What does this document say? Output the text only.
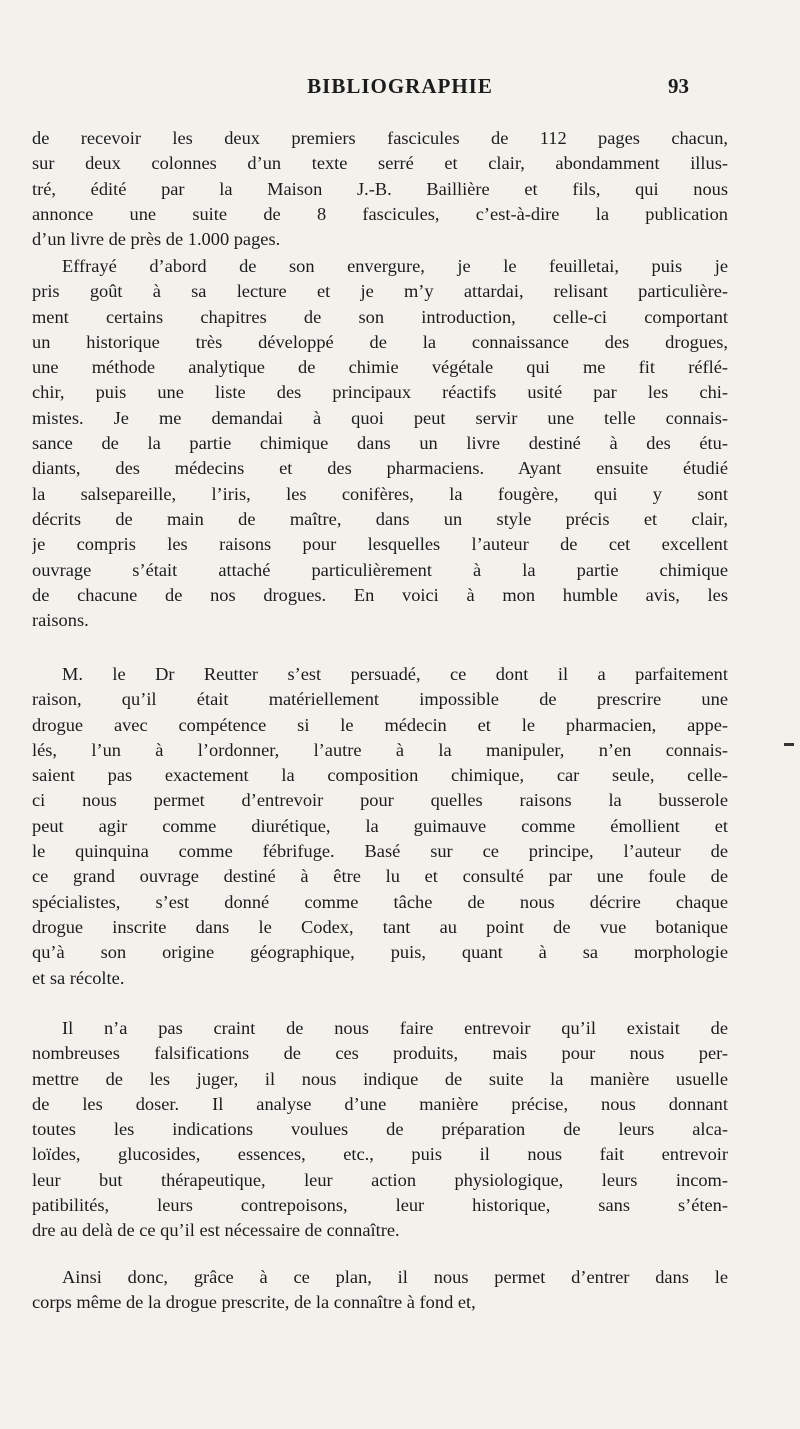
BIBLIOGRAPHIE	93
de recevoir les deux premiers fascicules de 112 pages chacun,
sur deux colonnes d’un texte serré et clair, abondamment illus-
tré, édité par la Maison J.-B. Baillière et fils, qui nous
annonce une suite de 8 fascicules, c’est-à-dire la publication
d’un livre de près de 1.000 pages.
Effrayé d’abord de son envergure, je le feuilletai, puis je
pris goût à sa lecture et je m’y attardai, relisant particulière-
ment certains chapitres de son introduction, celle-ci comportant
un historique très développé de la connaissance des drogues,
une méthode analytique de chimie végétale qui me fit réflé-
chir, puis une liste des principaux réactifs usité par les chi-
mistes. Je me demandai à quoi peut servir une telle connais-
sance de la partie chimique dans un livre destiné à des étu-
diants, des médecins et des pharmaciens. Ayant ensuite étudié
la salsepareille, l’iris, les conifères, la fougère, qui y sont
décrits de main de maître, dans un style précis et clair,
je compris les raisons pour lesquelles l’auteur de cet excellent
ouvrage s’était attaché particulièrement à la partie chimique
de chacune de nos drogues. En voici à mon humble avis, les
raisons.
M. le Dr Reutter s’est persuadé, ce dont il a parfaitement
raison, qu’il était matériellement impossible de prescrire une
drogue avec compétence si le médecin et le pharmacien, appe-
lés, l’un à l’ordonner, l’autre à la manipuler, n’en connais-
saient pas exactement la composition chimique, car seule, celle-
ci nous permet d’entrevoir pour quelles raisons la busserole
peut agir comme diurétique, la guimauve comme émollient et
le quinquina comme fébrifuge. Basé sur ce principe, l’auteur de
ce grand ouvrage destiné à être lu et consulté par une foule de
spécialistes, s’est donné comme tâche de nous décrire chaque
drogue inscrite dans le Codex, tant au point de vue botanique
qu’à son origine géographique, puis, quant à sa morphologie
et sa récolte.
Il n’a pas craint de nous faire entrevoir qu’il existait de
nombreuses falsifications de ces produits, mais pour nous per-
mettre de les juger, il nous indique de suite la manière usuelle
de les doser. Il analyse d’une manière précise, nous donnant
toutes les indications voulues de préparation de leurs alca-
loïdes, glucosides, essences, etc., puis il nous fait entrevoir
leur but thérapeutique, leur action physiologique, leurs incom-
patibilités, leurs contrepoisons, leur historique, sans s’éten-
dre au delà de ce qu’il est nécessaire de connaître.
Ainsi donc, grâce à ce plan, il nous permet d’entrer dans le
corps même de la drogue prescrite, de la connaître à fond et,
